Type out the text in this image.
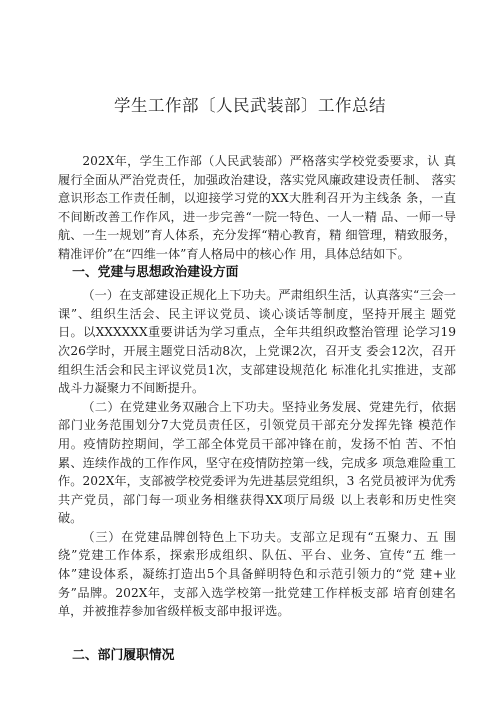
学生工作部〔人民武装部〕工作总结

202X年，学生工作部（人民武装部）严格落实学校党委要求，认 真履行全面从严治党责任，加强政治建设，落实党风廉政建设责任制、 落实意识形态工作责任制，以迎接学习党的XX大胜利召开为主线条 条，一直不间断改善工作作风，进一步完善“一院一特色、一人一精 品、一师一导航、一生一规划”育人体系，充分发挥“精心教育，精 细管理，精致服务，精准评价”在“四维一体”育人格局中的核心作 用，具体总结如下。

一、党建与思想政治建设方面

（一）在支部建设正规化上下功夫。严肃组织生活，认真落实“三会一课”、组织生活会、民主评议党员、谈心谈话等制度，坚持开展主 题党日。以XXXXXX重要讲话为学习重点，全年共组织政整治管理 论学习19次26学时，开展主题党日活动8次，上党课2次，召开支 委会12次，召开组织生活会和民主评议党员1次，支部建设规范化 标准化扎实推进，支部战斗力凝聚力不间断提升。

（二）在党建业务双融合上下功夫。坚持业务发展、党建先行，依据部门业务范围划分7大党员责任区，引领党员干部充分发挥先锋 模范作用。疫情防控期间，学工部全体党员干部冲锋在前，发扬不怕 苦、不怕累、连续作战的工作作风，坚守在疫情防控第一线，完成多 项急难险重工作。202X年，支部被学校党委评为先进基层党组织，3 名党员被评为优秀共产党员，部门每一项业务相继获得XX项厅局级 以上表彰和历史性突破。

（三）在党建品牌创特色上下功夫。支部立足现有“五聚力、五 围绕”党建工作体系，探索形成组织、队伍、平台、业务、宣传“五 维一体”建设体系，凝练打造出5个具备鲜明特色和示范引领力的“党 建+业务”品牌。202X年，支部入选学校第一批党建工作样板支部 培育创建名单，并被推荐参加省级样板支部申报评选。

二、部门履职情况
